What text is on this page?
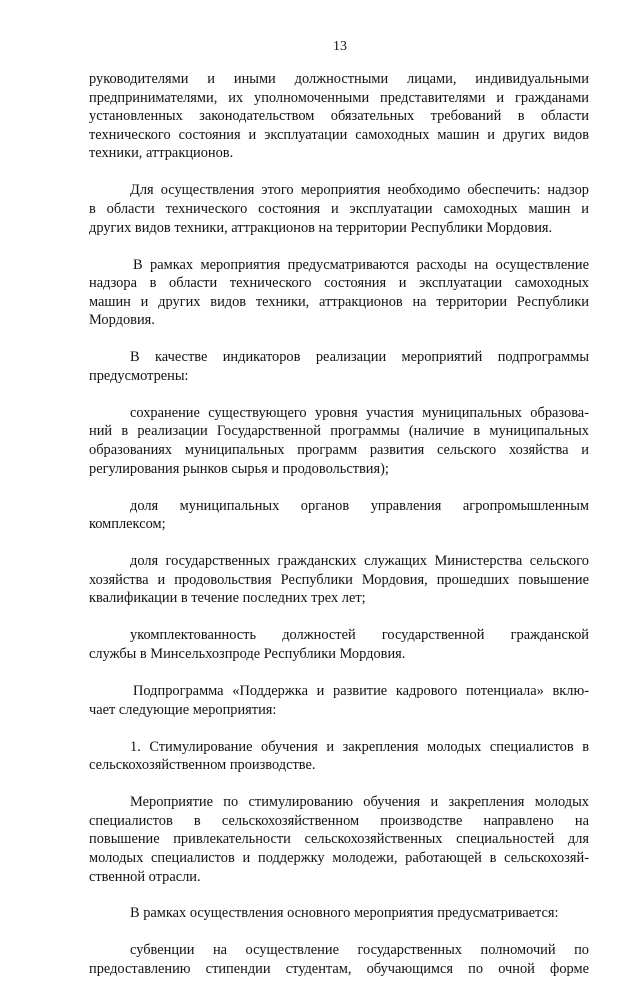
13
руководителями и иными должностными лицами, индивидуальными
предпринимателями, их уполномоченными представителями и гражданами
установленных законодательством обязательных требований в области
технического состояния и эксплуатации самоходных машин и других видов
техники, аттракционов.
Для осуществления этого мероприятия необходимо обеспечить: надзор
в области технического состояния и эксплуатации самоходных машин и
других видов техники, аттракционов на территории Республики Мордовия.
В рамках мероприятия предусматриваются расходы на осуществление
надзора в области технического состояния и эксплуатации самоходных
машин и других видов техники, аттракционов на территории Республики
Мордовия.
В качестве индикаторов реализации мероприятий подпрограммы
предусмотрены:
сохранение существующего уровня участия муниципальных образова-
ний в реализации Государственной программы (наличие в муниципальных
образованиях муниципальных программ развития сельского хозяйства и
регулирования рынков сырья и продовольствия);
доля муниципальных органов управления агропромышленным
комплексом;
доля государственных гражданских служащих Министерства сельского
хозяйства и продовольствия Республики Мордовия, прошедших повышение
квалификации в течение последних трех лет;
укомплектованность должностей государственной гражданской
службы в Минсельхозпроде Республики Мордовия.
Подпрограмма «Поддержка и развитие кадрового потенциала» вклю-
чает следующие мероприятия:
1. Стимулирование обучения и закрепления молодых специалистов в
сельскохозяйственном производстве.
Мероприятие по стимулированию обучения и закрепления молодых
специалистов в сельскохозяйственном производстве направлено на
повышение привлекательности сельскохозяйственных специальностей для
молодых специалистов и поддержку молодежи, работающей в сельскохозяй-
ственной отрасли.
В рамках осуществления основного мероприятия предусматривается:
субвенции на осуществление государственных полномочий по
предоставлению стипендии студентам, обучающимся по очной форме
